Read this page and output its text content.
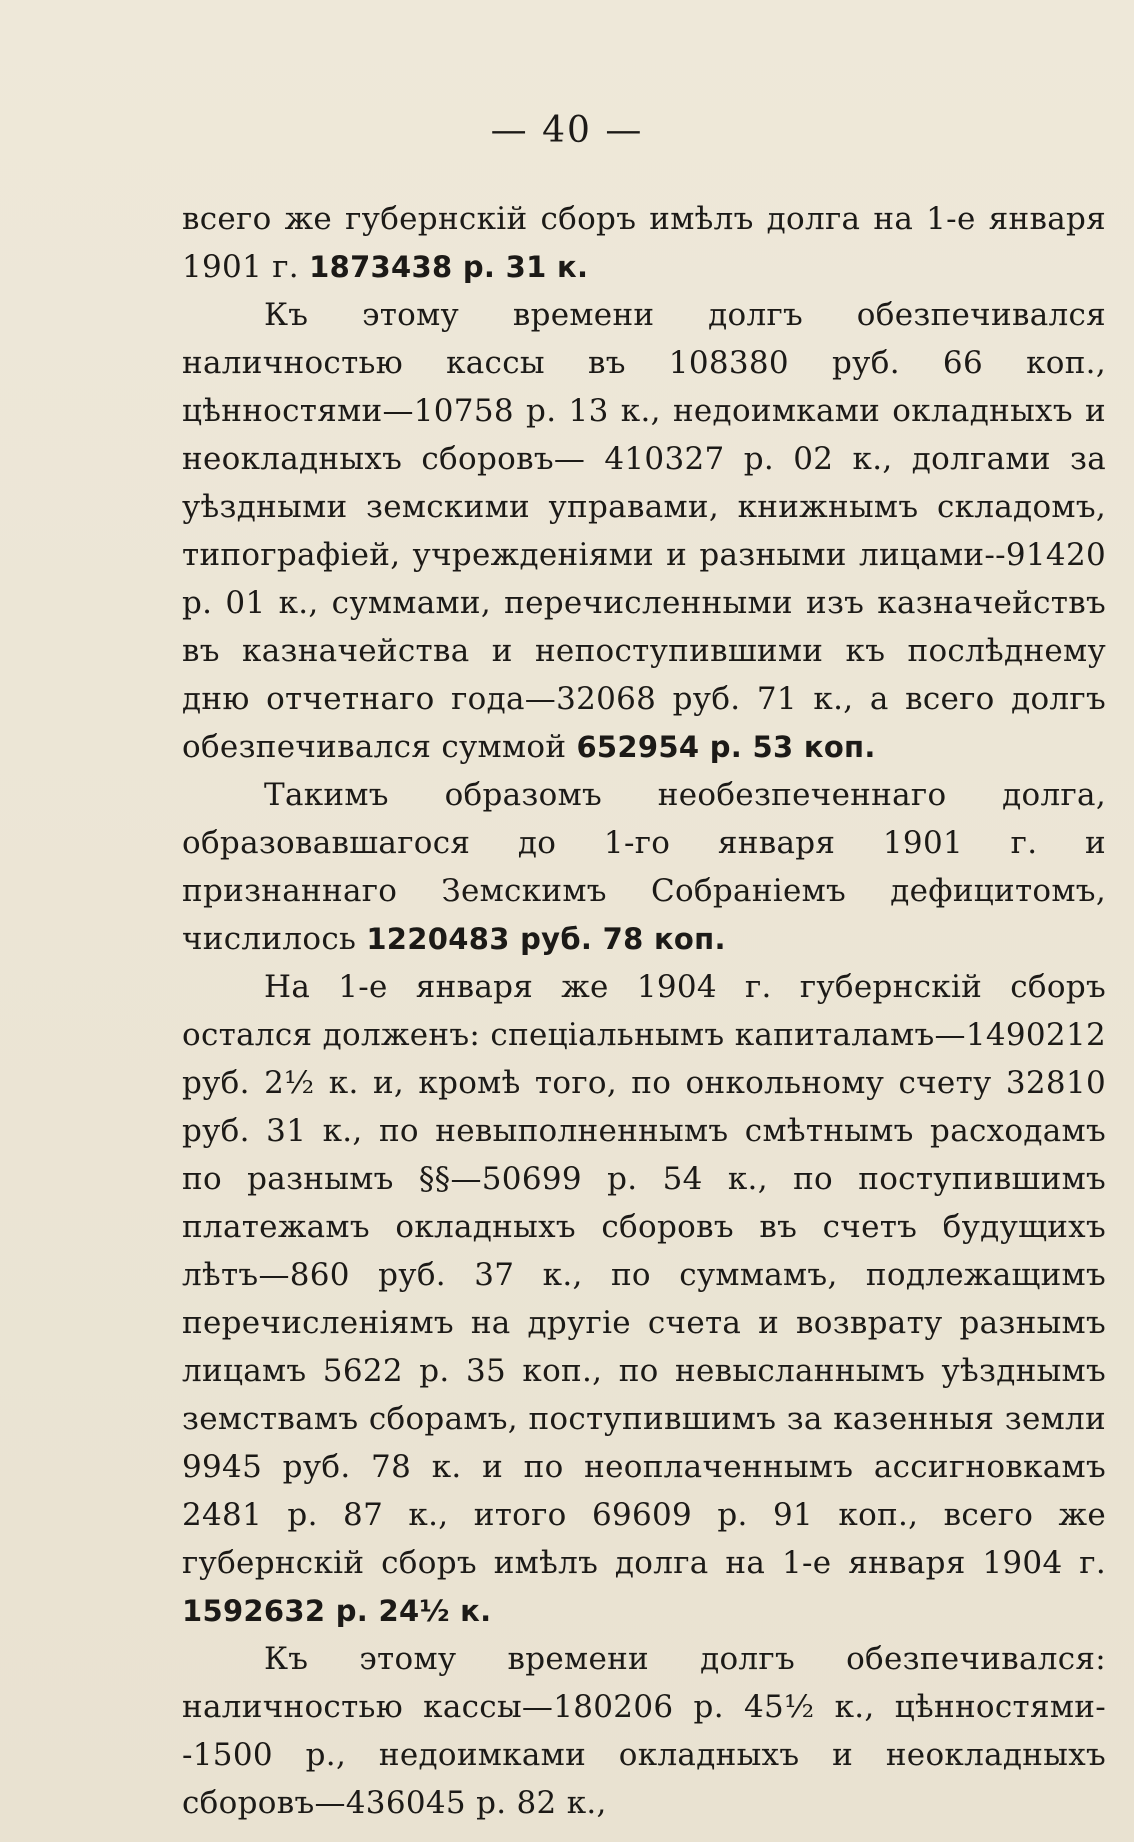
— 40 —

всего же губернскій сборъ имѣлъ долга на 1-е января 1901 г. 1873438 р. 31 к.

Къ этому времени долгъ обезпечивался наличностью кассы въ 108380 руб. 66 коп., цѣнностями—10758 р. 13 к., недоимками окладныхъ и неокладныхъ сборовъ— 410327 р. 02 к., долгами за уѣздными земскими управами, книжнымъ складомъ, типографіей, учрежденіями и разными лицами--91420 р. 01 к., суммами, перечисленными изъ казначействъ въ казначейства и непоступившими къ послѣднему дню отчетнаго года—32068 руб. 71 к., а всего долгъ обезпечивался суммой 652954 р. 53 коп.

Такимъ образомъ необезпеченнаго долга, образовавшагося до 1-го января 1901 г. и признаннаго Земскимъ Собраніемъ дефицитомъ, числилось 1220483 руб. 78 коп.

На 1-е января же 1904 г. губернскій сборъ остался долженъ: спеціальнымъ капиталамъ—1490212 руб. 2½ к. и, кромѣ того, по онкольному счету 32810 руб. 31 к., по невыполненнымъ смѣтнымъ расходамъ по разнымъ §§—50699 р. 54 к., по поступившимъ платежамъ окладныхъ сборовъ въ счетъ будущихъ лѣтъ—860 руб. 37 к., по суммамъ, подлежащимъ перечисленіямъ на другіе счета и возврату разнымъ лицамъ 5622 р. 35 коп., по невысланнымъ уѣзднымъ земствамъ сборамъ, поступившимъ за казенныя земли 9945 руб. 78 к. и по неоплаченнымъ ассигновкамъ 2481 р. 87 к., итого 69609 р. 91 коп., всего же губернскій сборъ имѣлъ долга на 1-е января 1904 г. 1592632 р. 24½ к.

Къ этому времени долгъ обезпечивался: наличностью кассы—180206 р. 45½ к., цѣнностями--1500 р., недоимками окладныхъ и неокладныхъ сборовъ—436045 р. 82 к.,
